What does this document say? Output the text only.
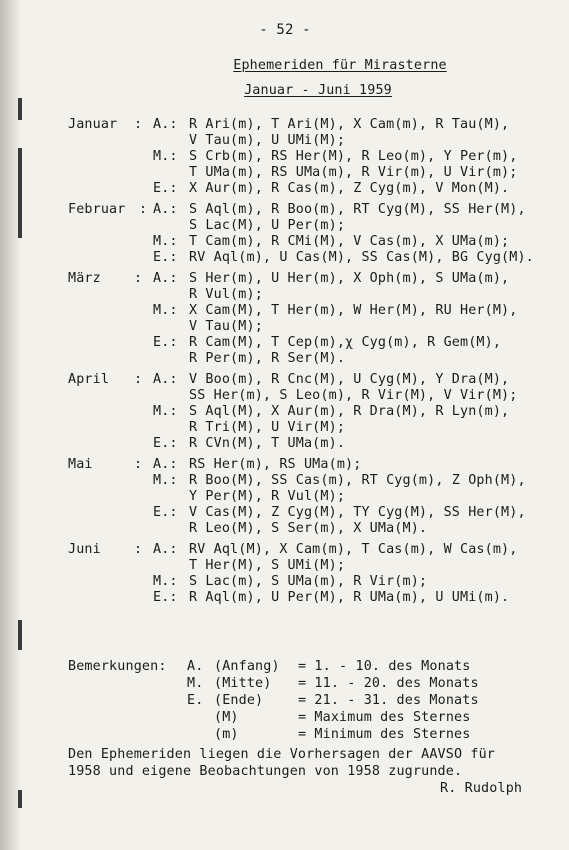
- 52 -
Ephemeriden für Mirasterne
Januar - Juni 1959
Januar : A.: R Ari(m), T Ari(M), X Cam(m), R Tau(M),
V Tau(m), U UMi(M);
M.: S Crb(m), RS Her(M), R Leo(m), Y Per(m),
T UMa(m), RS UMa(m), R Vir(m), U Vir(m);
E.: X Aur(m), R Cas(m), Z Cyg(m), V Mon(M).
Februar : A.: S Aql(m), R Boo(m), RT Cyg(M), SS Her(M),
S Lac(M), U Per(m);
M.: T Cam(m), R CMi(M), V Cas(m), X UMa(m);
E.: RV Aql(m), U Cas(M), SS Cas(M), BG Cyg(M).
März : A.: S Her(m), U Her(m), X Oph(m), S UMa(m),
R Vul(m);
M.: X Cam(M), T Her(m), W Her(M), RU Her(M),
V Tau(M);
E.: R Cam(M), T Cep(m),χ Cyg(m), R Gem(M),
R Per(m), R Ser(M).
April : A.: V Boo(m), R Cnc(M), U Cyg(M), Y Dra(M),
SS Her(m), S Leo(m), R Vir(M), V Vir(M);
M.: S Aql(M), X Aur(m), R Dra(M), R Lyn(m),
R Tri(M), U Vir(M);
E.: R CVn(M), T UMa(m).
Mai	: A.: RS Her(m), RS UMa(m);
M.: R Boo(M), SS Cas(m), RT Cyg(m), Z Oph(M),
Y Per(M), R Vul(M);
E.: V Cas(M), Z Cyg(M), TY Cyg(M), SS Her(M),
R Leo(M), S Ser(m), X UMa(M).
Juni : A.: RV Aql(M), X Cam(m), T Cas(m), W Cas(m),
T Her(M), S UMi(M);
M.: S Lac(m), S UMa(m), R Vir(m);
E.: R Aql(m), U Per(M), R UMa(m), U UMi(m).
Bemerkungen: A. (Anfang) = 1. - 10. des Monats
M. (Mitte) = 11. - 20. des Monats
E. (Ende)	= 21. - 31. des Monats
(M)	= Maximum des Sternes
(m)	= Minimum des Sternes
Den Ephemeriden liegen die Vorhersagen der AAVSO für
1958 und eigene Beobachtungen von 1958 zugrunde.
R. Rudolph
